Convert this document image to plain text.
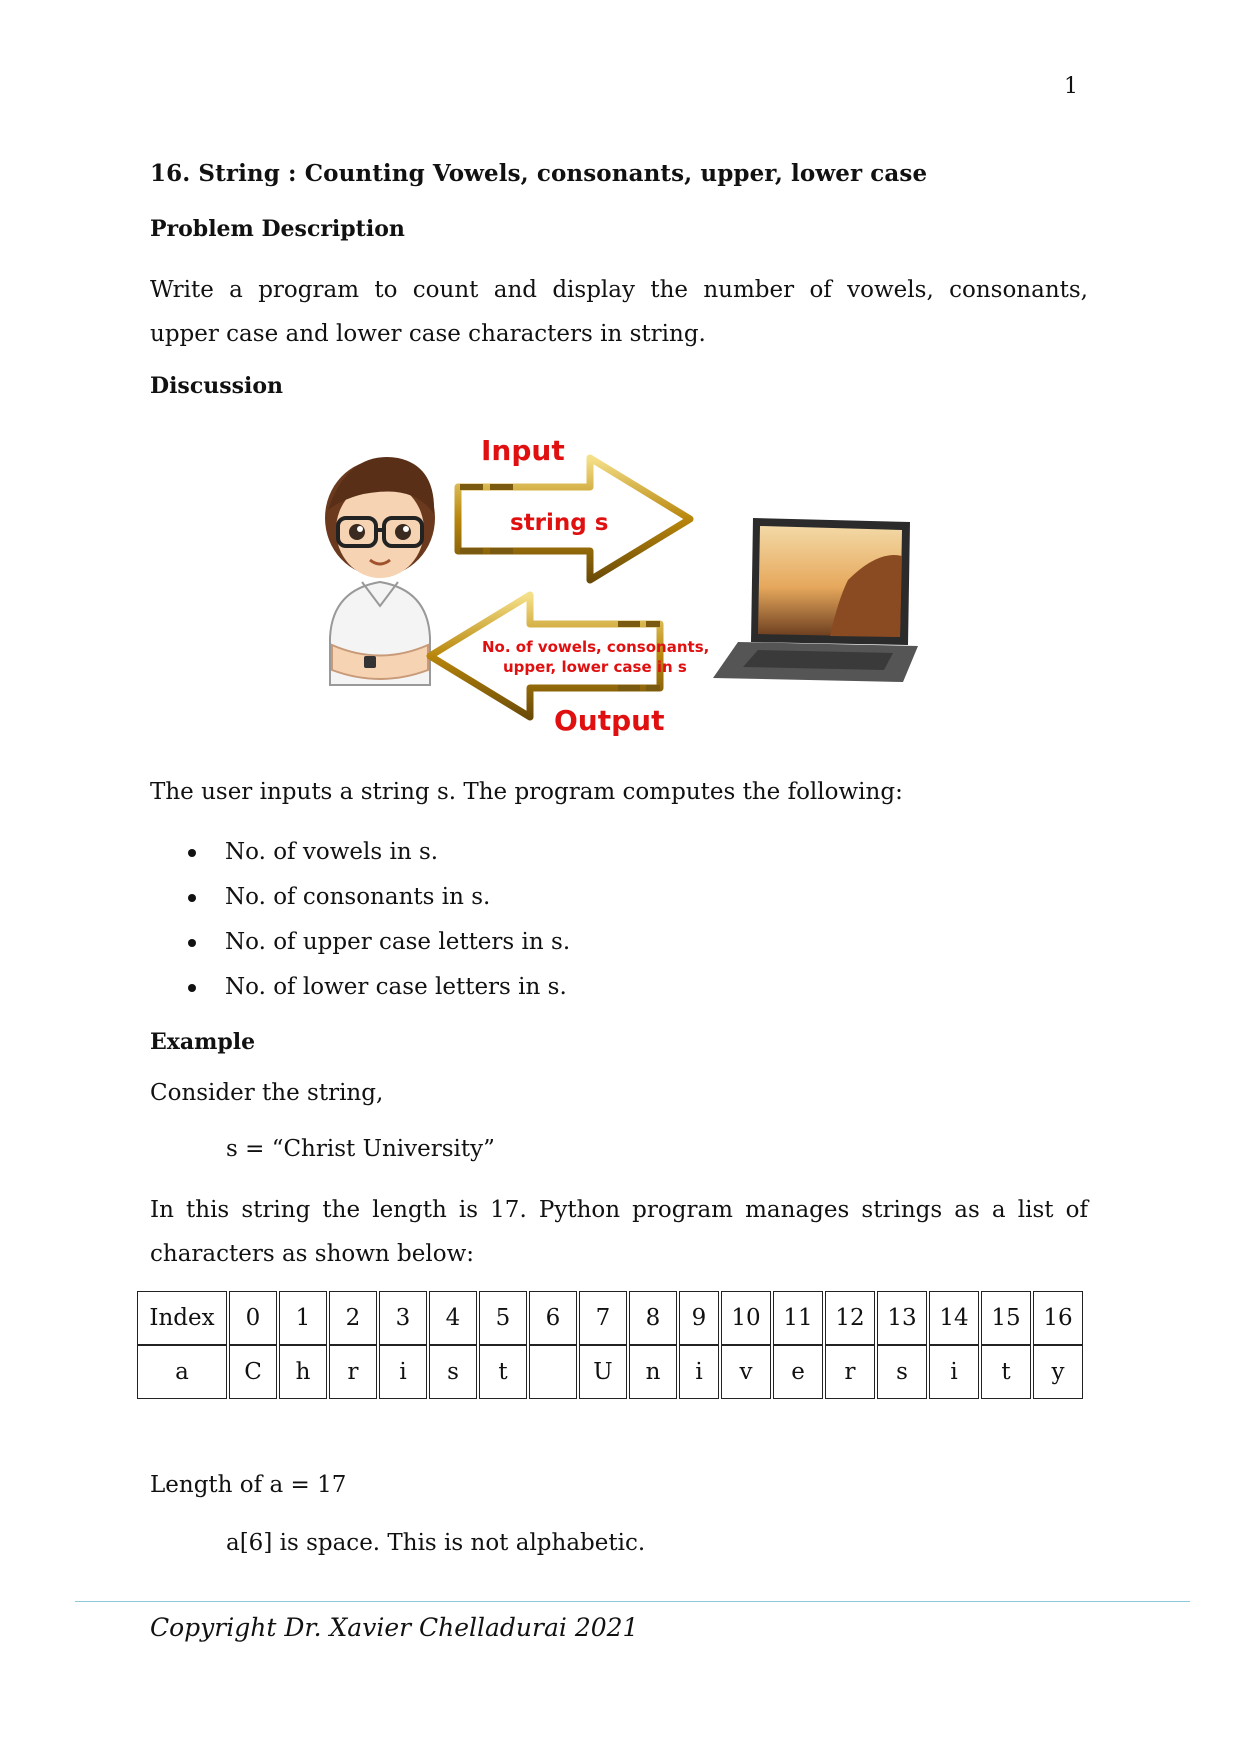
1
16. String : Counting Vowels, consonants, upper, lower case
Problem Description
Write a program to count and display the number of vowels, consonants,
upper case and lower case characters in string.
Discussion
Input
string s
No. of vowels, consonants,
upper, lower case in s
Output
The user inputs a string s. The program computes the following:
No. of vowels in s.
No. of consonants in s.
No. of upper case letters in s.
No. of lower case letters in s.
Example
Consider the string,
s = “Christ University”
In this string the length is 17. Python program manages strings as a list of
characters as shown below:
Index		0		1		2		3		4		5		6		7		8		9		10		11		12		13		14		15		16
a		C		h		r		i		s		t				U		n		i		v		e		r		s		i		t		y
Length of a = 17
a[6] is space. This is not alphabetic.
Copyright Dr. Xavier Chelladurai 2021
